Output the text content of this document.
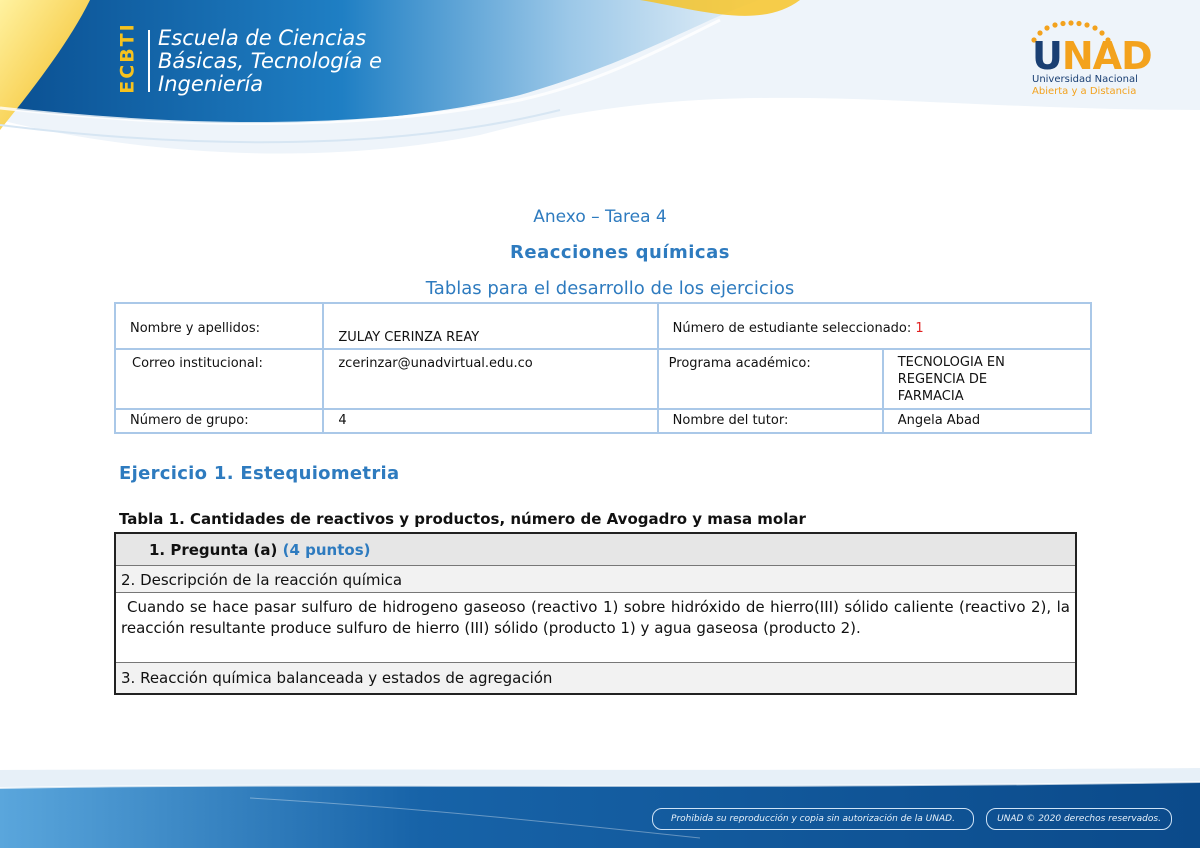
ECBTI Escuela de Ciencias
Básicas, Tecnología e
Ingeniería
UNAD
Universidad Nacional
Abierta y a Distancia
Anexo – Tarea 4
Reacciones químicas
Tablas para el desarrollo de los ejercicios
Nombre y apellidos:	ZULAY CERINZA REAY	Número de estudiante seleccionado: 1	
Correo institucional:	zcerinzar@unadvirtual.edu.co	Programa académico:	TECNOLOGIA EN
REGENCIA DE
FARMACIA

Número de grupo:	4	Nombre del tutor:	Angela Abad
Ejercicio 1. Estequiometria
Tabla 1. Cantidades de reactivos y productos, número de Avogadro y masa molar
1. Pregunta (a) (4 puntos)
2. Descripción de la reacción química
Cuando se hace pasar sulfuro de hidrogeno gaseoso (reactivo 1) sobre hidróxido de hierro(III) sólido caliente (reactivo 2), la reacción resultante produce sulfuro de hierro (III) sólido (producto 1) y agua gaseosa (producto 2).
3. Reacción química balanceada y estados de agregación
Prohibida su reproducción y copia sin autorización de la UNAD.	UNAD © 2020 derechos reservados.
